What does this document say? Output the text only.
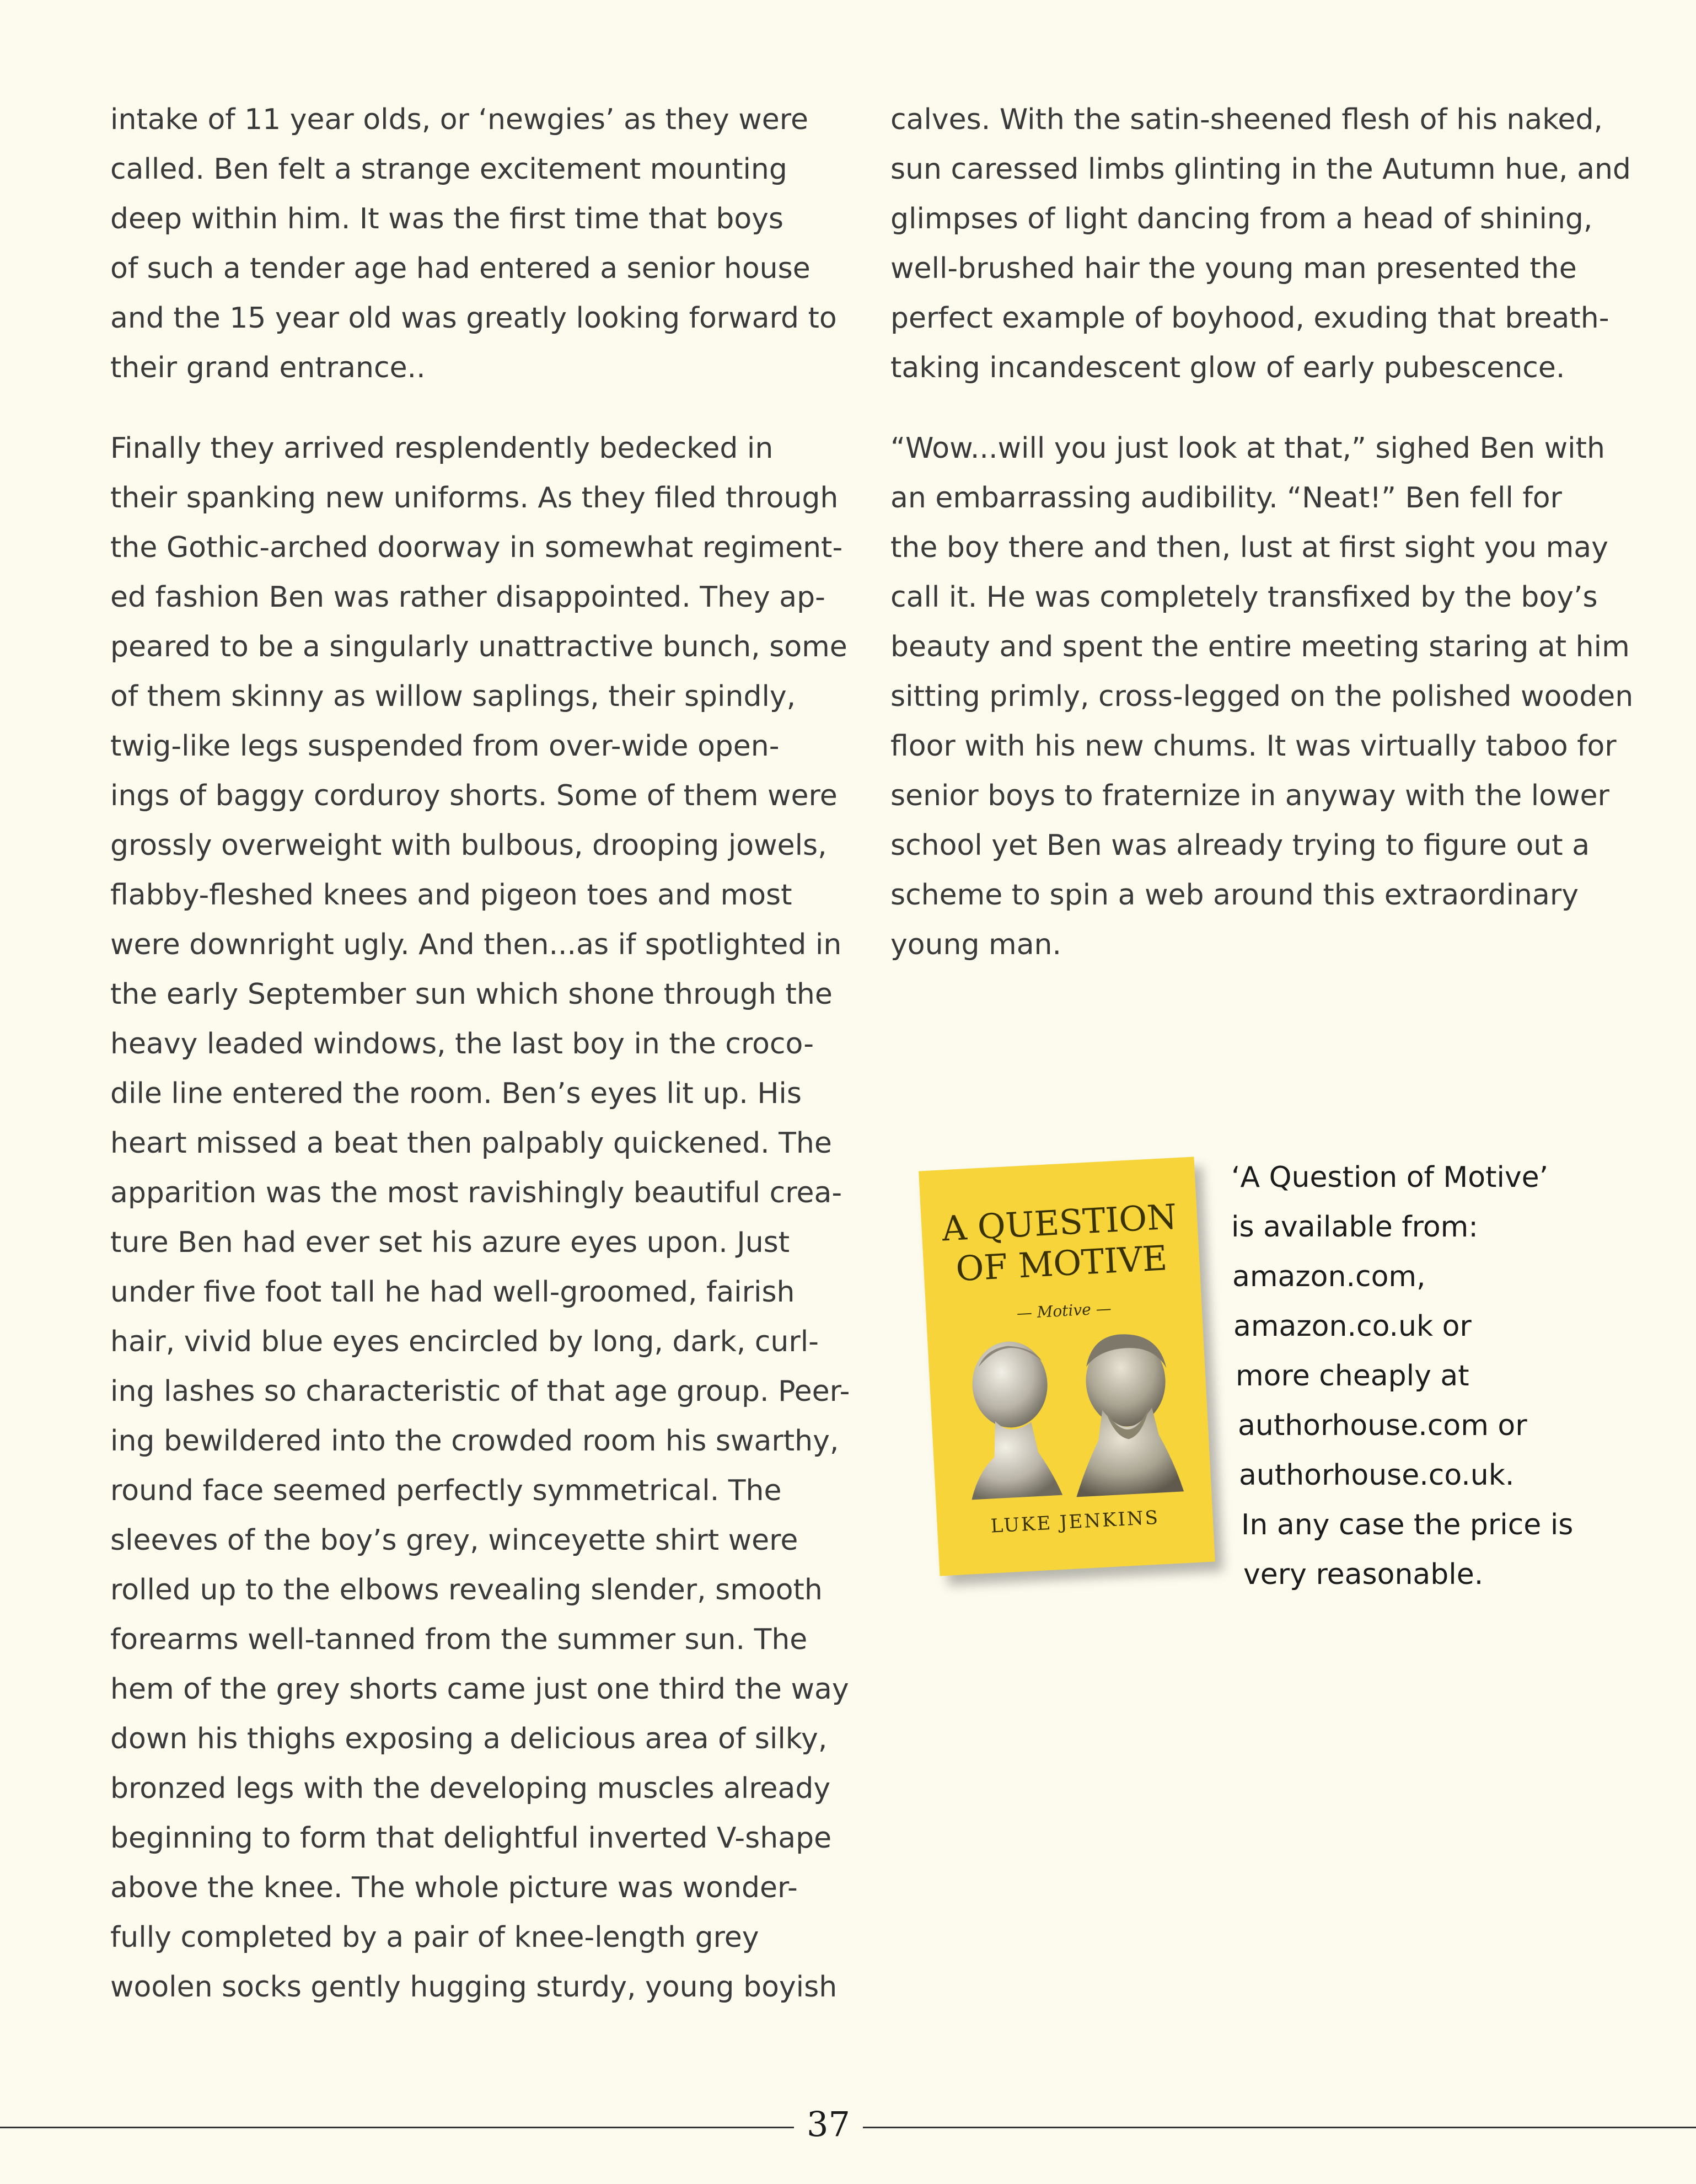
intake of 11 year olds, or ‘newgies’ as they were
called. Ben felt a strange excitement mounting
deep within him. It was the first time that boys
of such a tender age had entered a senior house
and the 15 year old was greatly looking forward to
their grand entrance..
Finally they arrived resplendently bedecked in
their spanking new uniforms. As they filed through
the Gothic-arched doorway in somewhat regiment-
ed fashion Ben was rather disappointed. They ap-
peared to be a singularly unattractive bunch, some
of them skinny as willow saplings, their spindly,
twig-like legs suspended from over-wide open-
ings of baggy corduroy shorts. Some of them were
grossly overweight with bulbous, drooping jowels,
flabby-fleshed knees and pigeon toes and most
were downright ugly. And then...as if spotlighted in
the early September sun which shone through the
heavy leaded windows, the last boy in the croco-
dile line entered the room. Ben’s eyes lit up. His
heart missed a beat then palpably quickened. The
apparition was the most ravishingly beautiful crea-
ture Ben had ever set his azure eyes upon. Just
under five foot tall he had well-groomed, fairish
hair, vivid blue eyes encircled by long, dark, curl-
ing lashes so characteristic of that age group. Peer-
ing bewildered into the crowded room his swarthy,
round face seemed perfectly symmetrical. The
sleeves of the boy’s grey, winceyette shirt were
rolled up to the elbows revealing slender, smooth
forearms well-tanned from the summer sun. The
hem of the grey shorts came just one third the way
down his thighs exposing a delicious area of silky,
bronzed legs with the developing muscles already
beginning to form that delightful inverted V-shape
above the knee. The whole picture was wonder-
fully completed by a pair of knee-length grey
woolen socks gently hugging sturdy, young boyish
calves. With the satin-sheened flesh of his naked,
sun caressed limbs glinting in the Autumn hue, and
glimpses of light dancing from a head of shining,
well-brushed hair the young man presented the
perfect example of boyhood, exuding that breath-
taking incandescent glow of early pubescence.
“Wow...will you just look at that,” sighed Ben with
an embarrassing audibility. “Neat!” Ben fell for
the boy there and then, lust at first sight you may
call it. He was completely transfixed by the boy’s
beauty and spent the entire meeting staring at him
sitting primly, cross-legged on the polished wooden
floor with his new chums. It was virtually taboo for
senior boys to fraternize in anyway with the lower
school yet Ben was already trying to figure out a
scheme to spin a web around this extraordinary
young man.
A QUESTION
OF MOTIVE
— Motive —
LUKE JENKINS
‘A Question of Motive’
is available from:
amazon.com,
amazon.co.uk or
more cheaply at
authorhouse.com or
authorhouse.co.uk.
In any case the price is
very reasonable.
37
